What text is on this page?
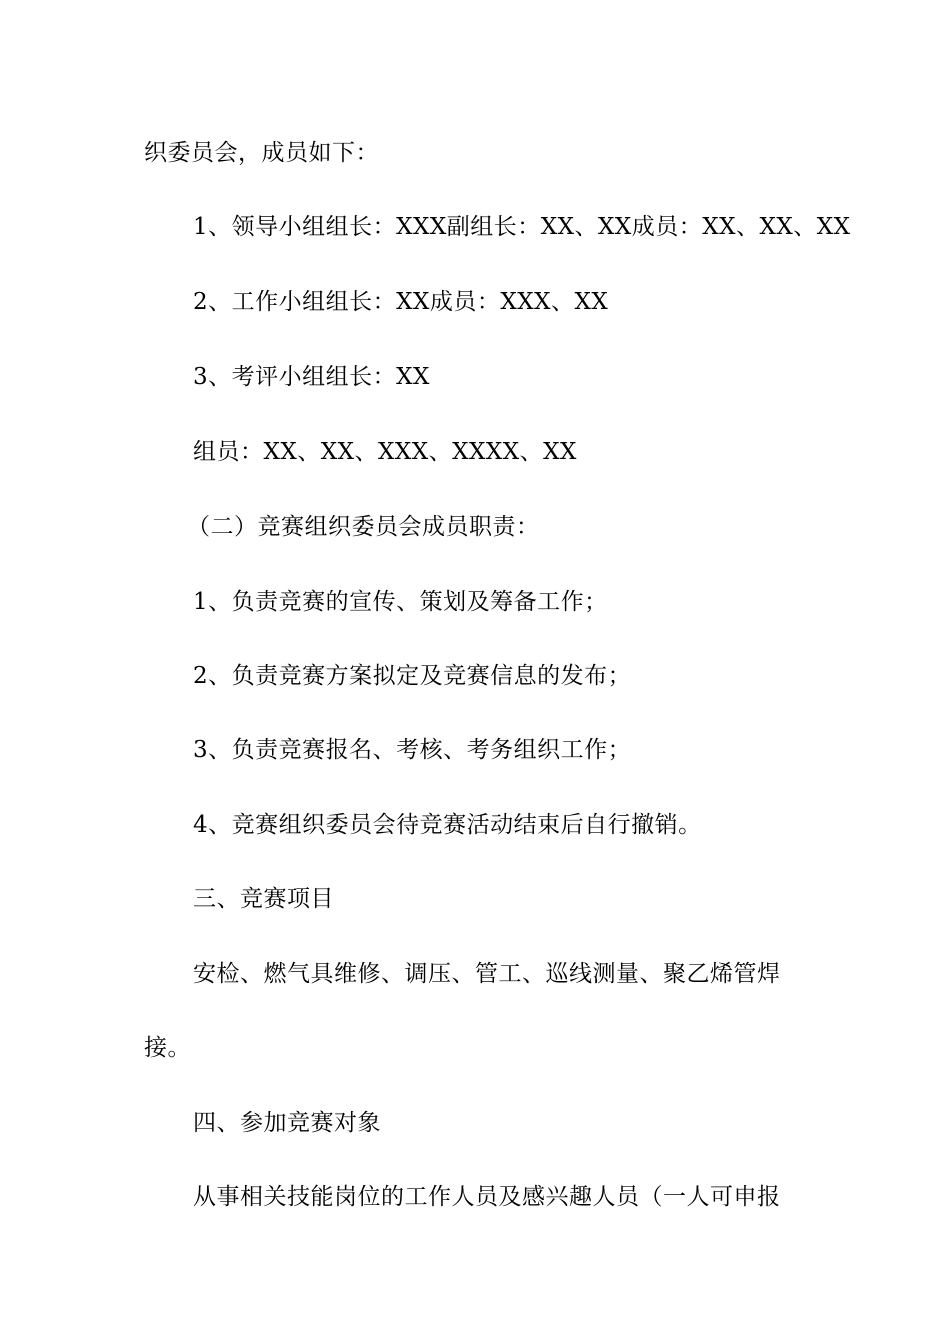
织委员会，成员如下：
1、领导小组组长：XXX副组长：XX、XX成员：XX、XX、XX
2、工作小组组长：XX成员：XXX、XX
3、考评小组组长：XX
组员：XX、XX、XXX、XXXX、XX
（二）竞赛组织委员会成员职责：
1、负责竞赛的宣传、策划及筹备工作；
2、负责竞赛方案拟定及竞赛信息的发布；
3、负责竞赛报名、考核、考务组织工作；
4、竞赛组织委员会待竞赛活动结束后自行撤销。
三、竞赛项目
安检、燃气具维修、调压、管工、巡线测量、聚乙烯管焊
接。
四、参加竞赛对象
从事相关技能岗位的工作人员及感兴趣人员（一人可申报
